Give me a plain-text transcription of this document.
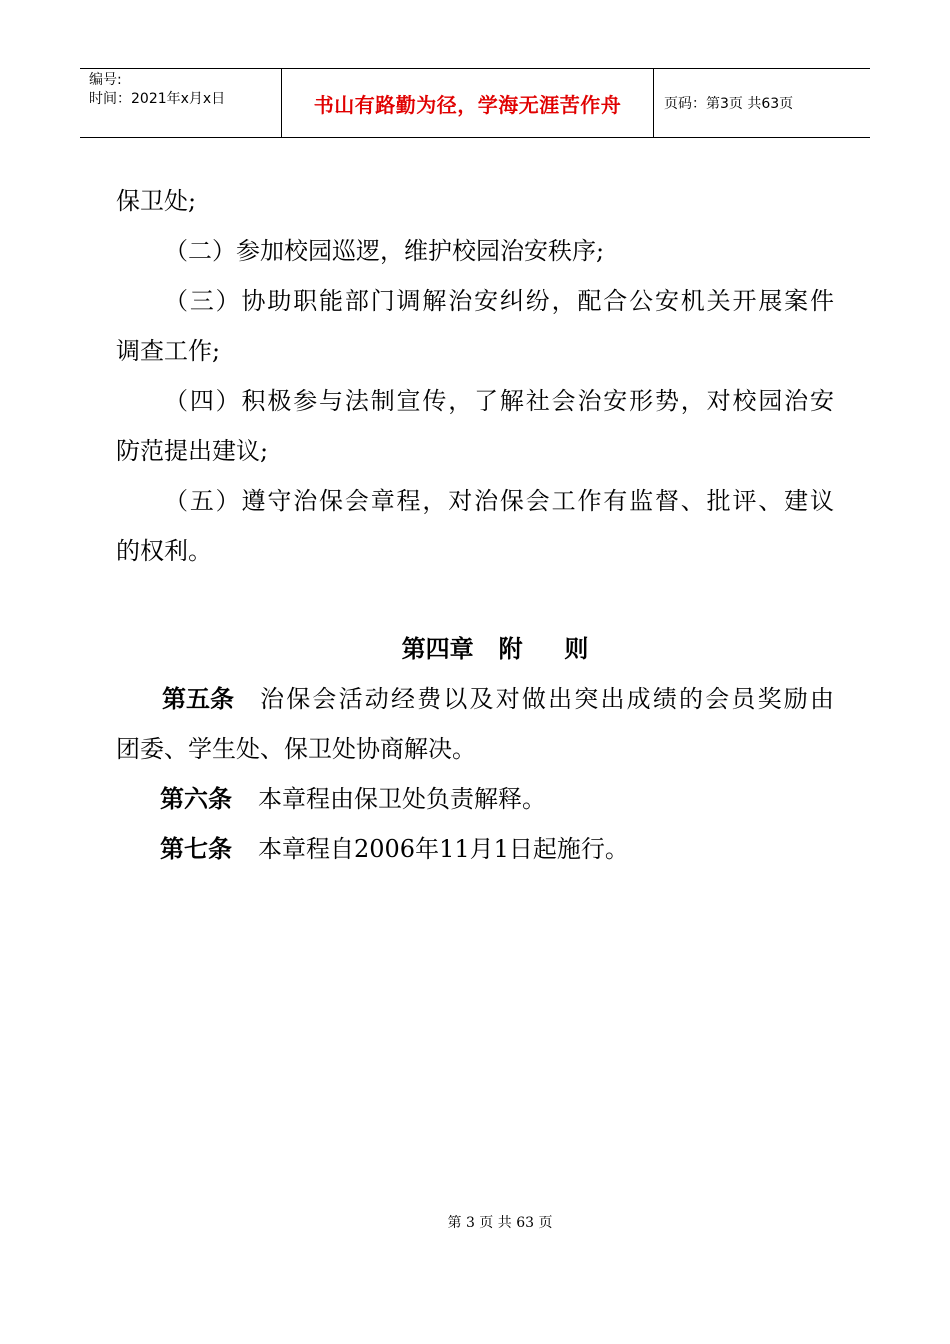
编号:
时间：2021年x月x日	书山有路勤为径，学海无涯苦作舟	页码：第3页 共63页
保卫处;
（二）参加校园巡逻，维护校园治安秩序;
（三）协助职能部门调解治安纠纷，配合公安机关开展案件
调查工作;
（四）积极参与法制宣传，了解社会治安形势，对校园治安
防范提出建议;
（五）遵守治保会章程，对治保会工作有监督、批评、建议
的权利。
第四章   附     则
第五条 治保会活动经费以及对做出突出成绩的会员奖励由
团委、学生处、保卫处协商解决。
第六条 本章程由保卫处负责解释。
第七条 本章程自2006年11月1日起施行。
第 3 页 共 63 页
